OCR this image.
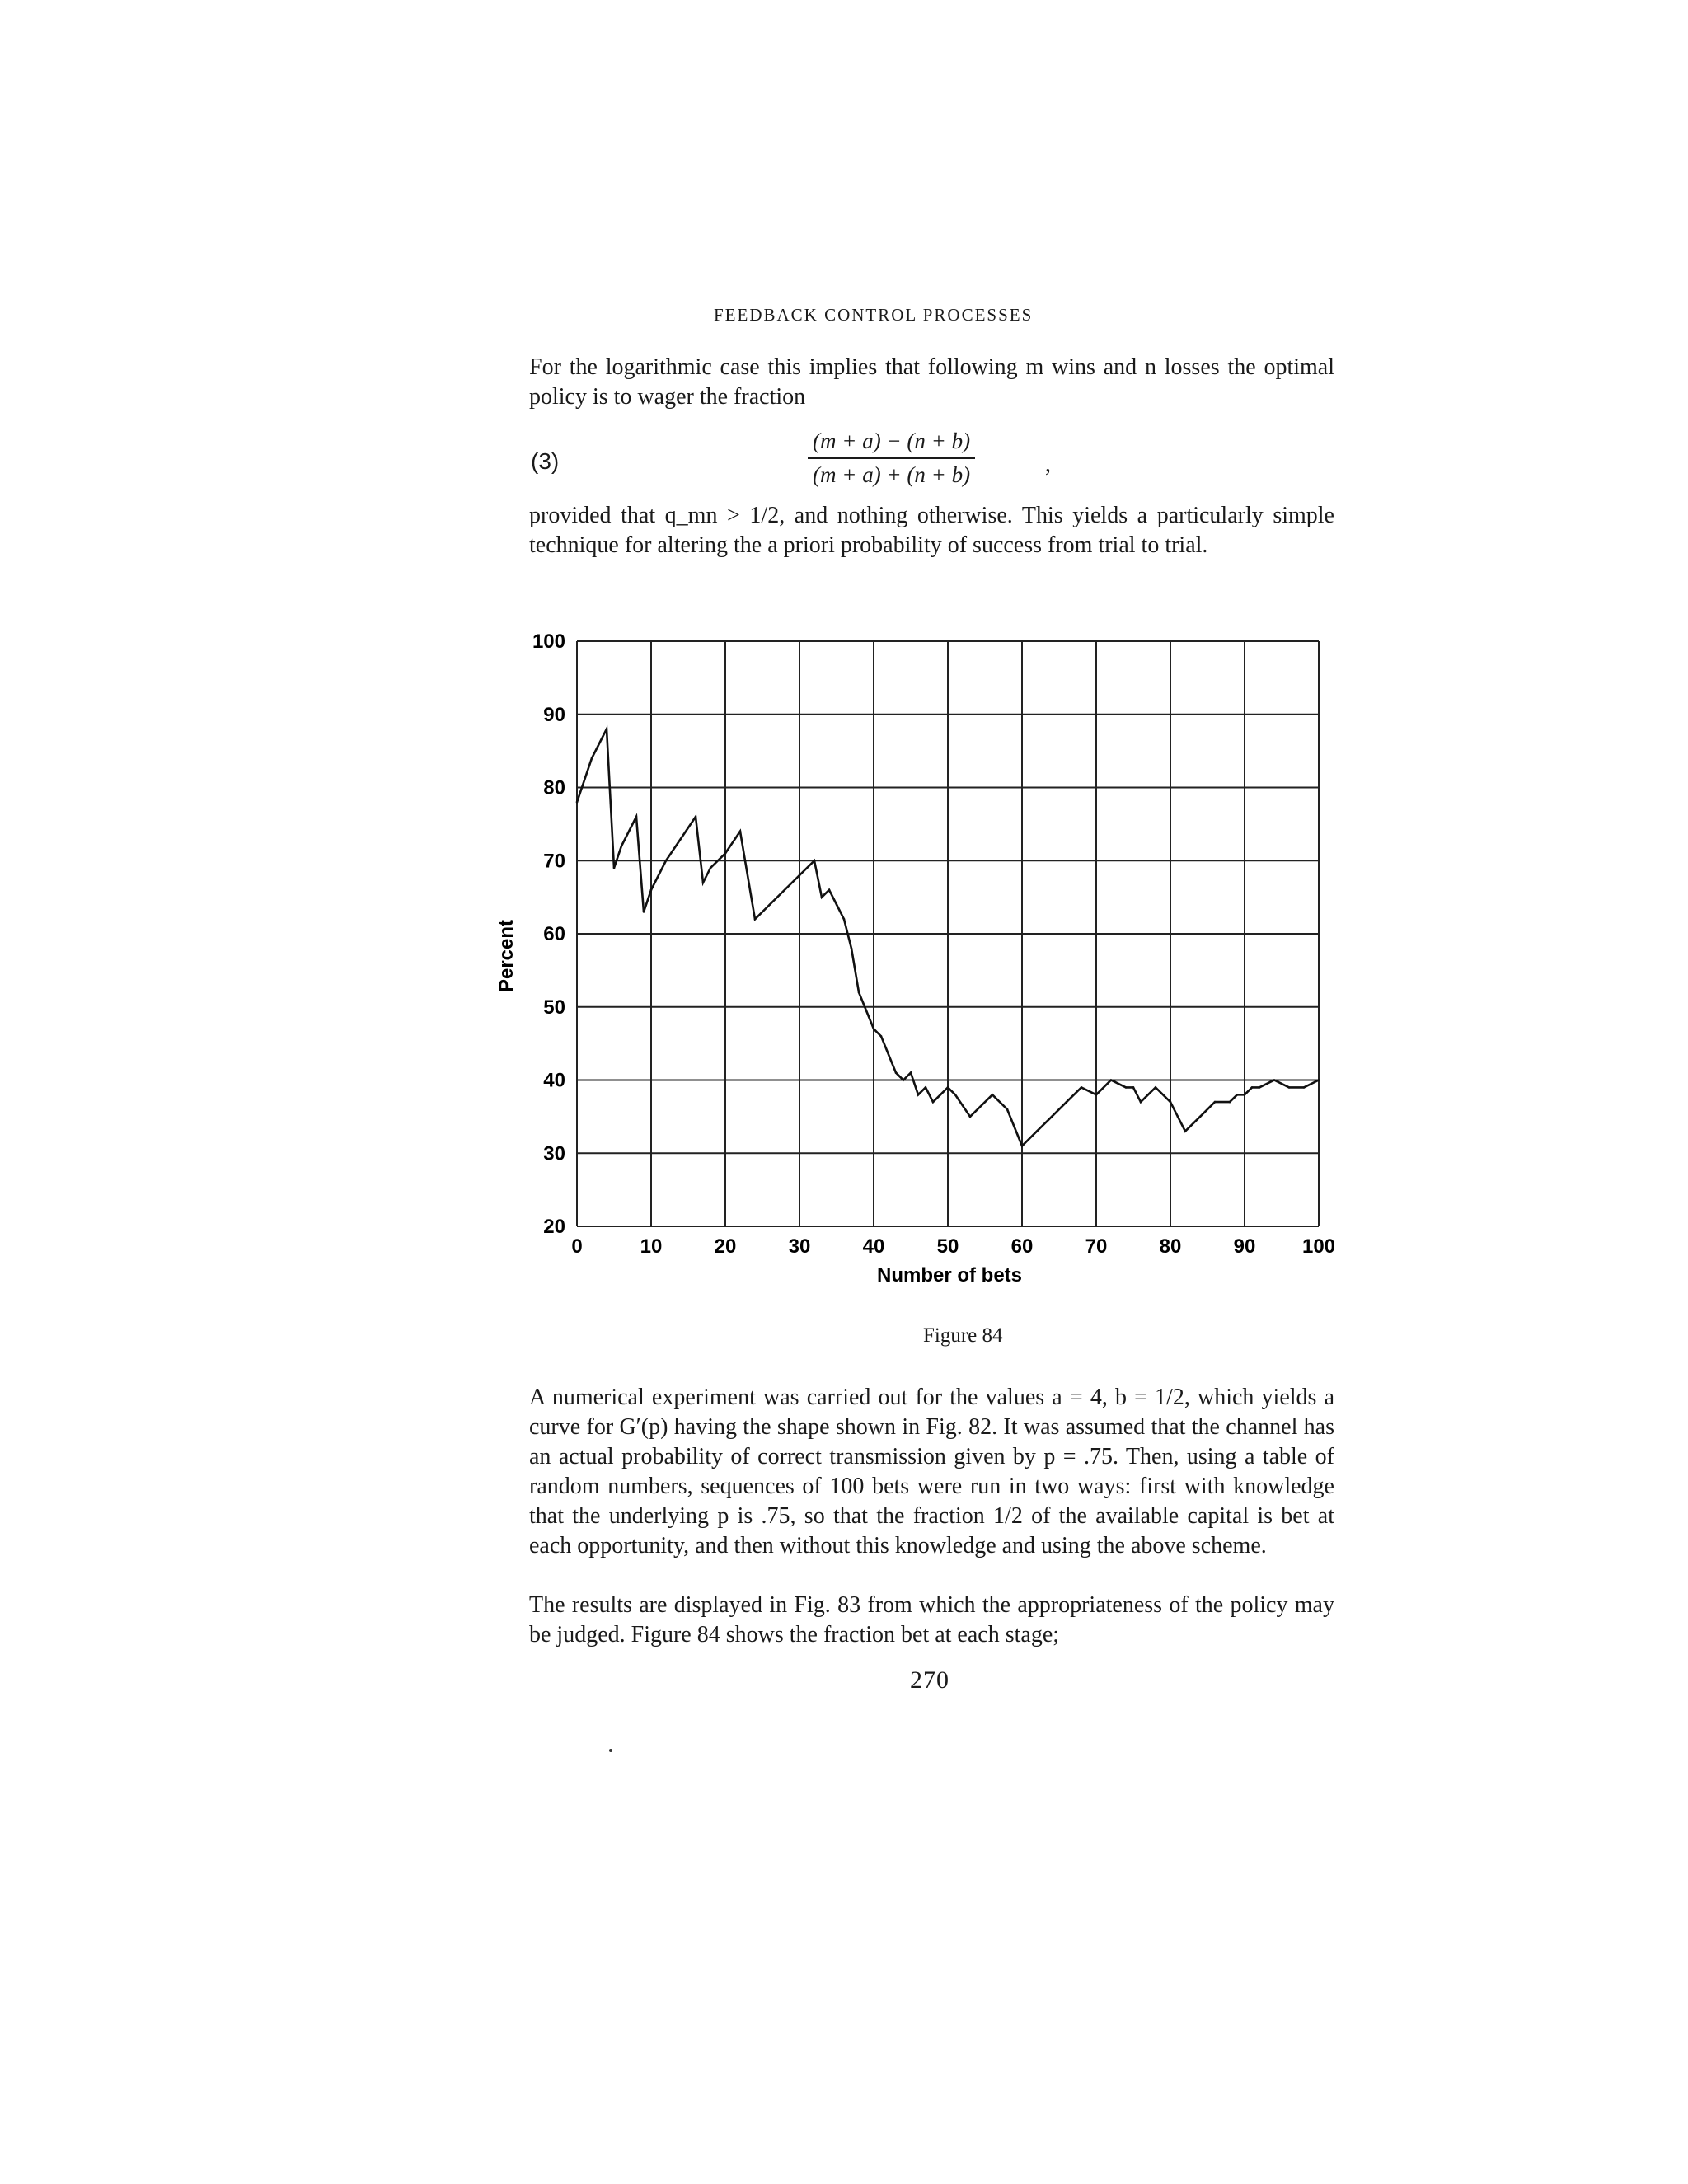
FEEDBACK CONTROL PROCESSES

For the logarithmic case this implies that following m wins and n losses the optimal policy is to wager the fraction

(3)	$\frac{(m + a) - (n + b)}{(m + a) + (n + b)}$	,

provided that q_mn > 1/2, and nothing otherwise. This yields a particularly simple technique for altering the a priori probability of success from trial to trial.

0	10	20	30	40	50	60	70	80	90 100
20
30
40
50
60
70
80
90
100
Number of bets
Percent
Figure 84

A numerical experiment was carried out for the values a = 4, b = 1/2, which yields a curve for G′(p) having the shape shown in Fig. 82. It was assumed that the channel has an actual probability of correct transmission given by p = .75. Then, using a table of random numbers, sequences of 100 bets were run in two ways: first with knowledge that the underlying p is .75, so that the fraction 1/2 of the available capital is bet at each opportunity, and then without this knowledge and using the above scheme.

The results are displayed in Fig. 83 from which the appropriateness of the policy may be judged. Figure 84 shows the fraction bet at each stage;

270
